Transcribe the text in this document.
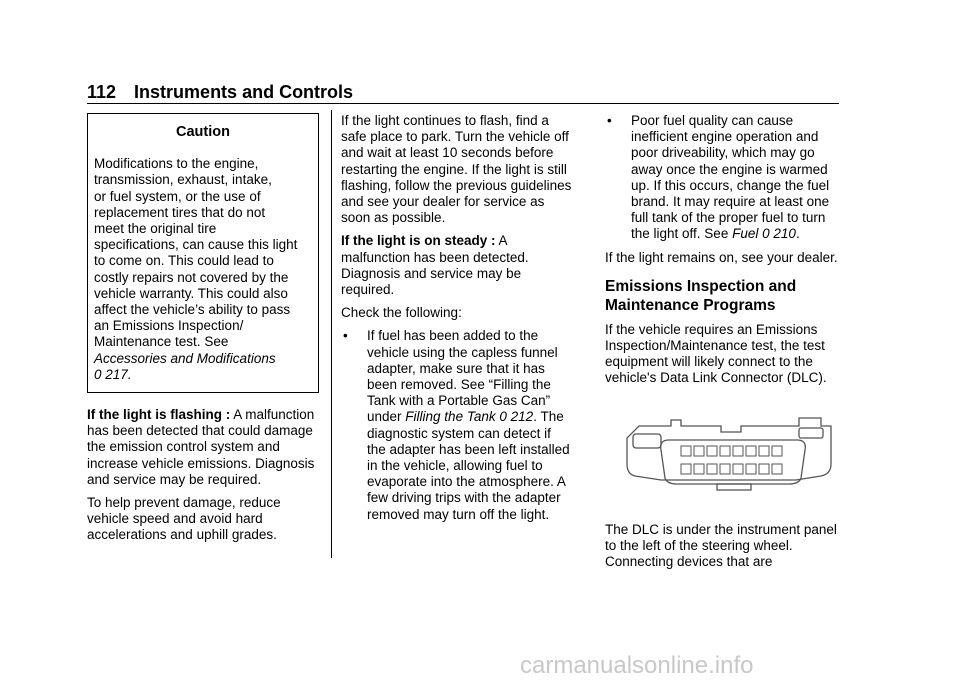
112 Instruments and Controls
Caution
Modifications to the engine,
transmission, exhaust, intake,
or fuel system, or the use of
replacement tires that do not
meet the original tire
specifications, can cause this light
to come on. This could lead to
costly repairs not covered by the
vehicle warranty. This could also
affect the vehicle’s ability to pass
an Emissions Inspection/
Maintenance test. See
Accessories and Modifications
0 217.

If the light is flashing : A malfunction has been detected that could damage the emission control system and increase vehicle emissions. Diagnosis and service may be required.

To help prevent damage, reduce vehicle speed and avoid hard accelerations and uphill grades.

If the light continues to flash, find a safe place to park. Turn the vehicle off and wait at least 10 seconds before restarting the engine. If the light is still flashing, follow the previous guidelines and see your dealer for service as soon as possible.

If the light is on steady : A malfunction has been detected. Diagnosis and service may be required.

Check the following:

• If fuel has been added to the vehicle using the capless funnel adapter, make sure that it has been removed. See “Filling the Tank with a Portable Gas Can” under Filling the Tank 0 212. The diagnostic system can detect if the adapter has been left installed in the vehicle, allowing fuel to evaporate into the atmosphere. A few driving trips with the adapter removed may turn off the light.
• Poor fuel quality can cause inefficient engine operation and poor driveability, which may go away once the engine is warmed up. If this occurs, change the fuel brand. It may require at least one full tank of the proper fuel to turn the light off. See Fuel 0 210.

If the light remains on, see your dealer.

Emissions Inspection and Maintenance Programs

If the vehicle requires an Emissions Inspection/Maintenance test, the test equipment will likely connect to the vehicle's Data Link Connector (DLC).

The DLC is under the instrument panel to the left of the steering wheel. Connecting devices that are

carmanualsonline.info
